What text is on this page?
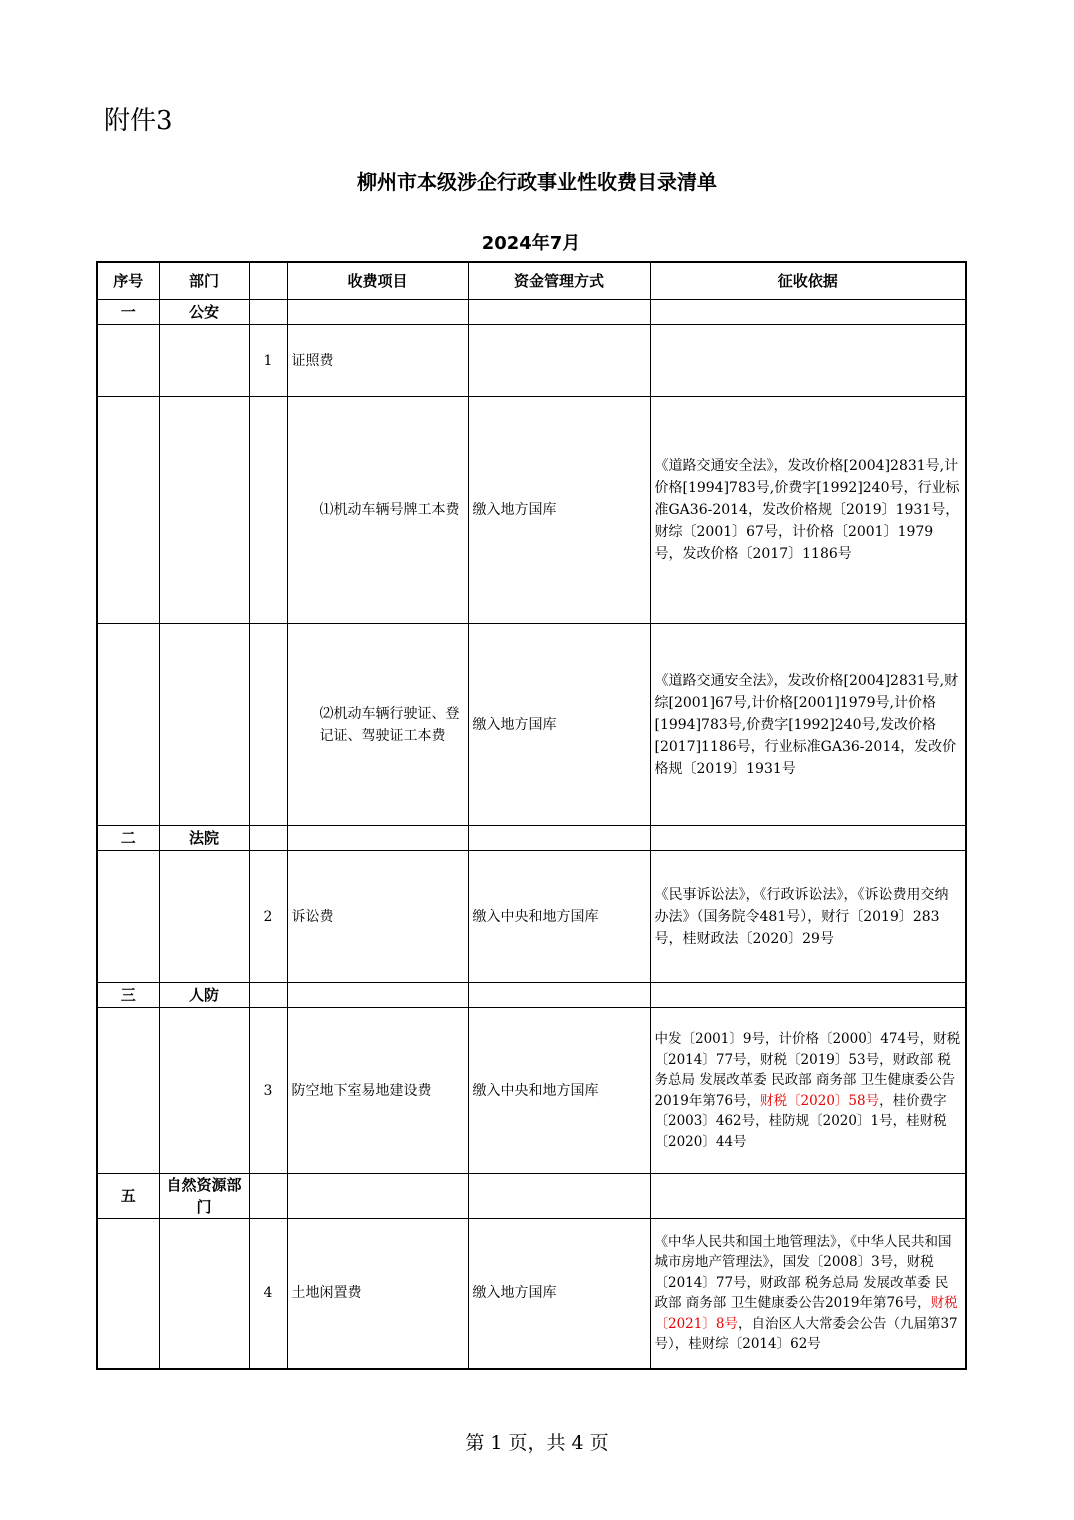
附件3
柳州市本级涉企行政事业性收费目录清单
2024年7月
序号	部门		收费项目	资金管理方式	征收依据
一	公安				
		1	证照费		
			⑴机动车辆号牌工本费	缴入地方国库	《道路交通安全法》，发改价格[2004]2831号,计价格[1994]783号,价费字[1992]240号，行业标准GA36-2014，发改价格规〔2019〕1931号，财综〔2001〕67号，计价格〔2001〕1979号，发改价格〔2017〕1186号
			⑵机动车辆行驶证、登记证、驾驶证工本费	缴入地方国库	《道路交通安全法》，发改价格[2004]2831号,财综[2001]67号,计价格[2001]1979号,计价格[1994]783号,价费字[1992]240号,发改价格[2017]1186号，行业标准GA36-2014，发改价格规〔2019〕1931号
二	法院				
		2	诉讼费	缴入中央和地方国库	《民事诉讼法》，《行政诉讼法》，《诉讼费用交纳办法》（国务院令481号），财行〔2019〕283号，桂财政法〔2020〕29号
三	人防				
		3	防空地下室易地建设费	缴入中央和地方国库	中发〔2001〕9号，计价格〔2000〕474号，财税〔2014〕77号，财税〔2019〕53号，财政部 税务总局 发展改革委 民政部 商务部 卫生健康委公告2019年第76号，财税〔2020〕58号，桂价费字〔2003〕462号，桂防规〔2020〕1号，桂财税〔2020〕44号
五	自然资源部门				
		4	土地闲置费	缴入地方国库	《中华人民共和国土地管理法》，《中华人民共和国城市房地产管理法》，国发〔2008〕3号，财税〔2014〕77号，财政部 税务总局 发展改革委 民政部 商务部 卫生健康委公告2019年第76号，财税〔2021〕8号，自治区人大常委会公告（九届第37号），桂财综〔2014〕62号
第 1 页，共 4 页
